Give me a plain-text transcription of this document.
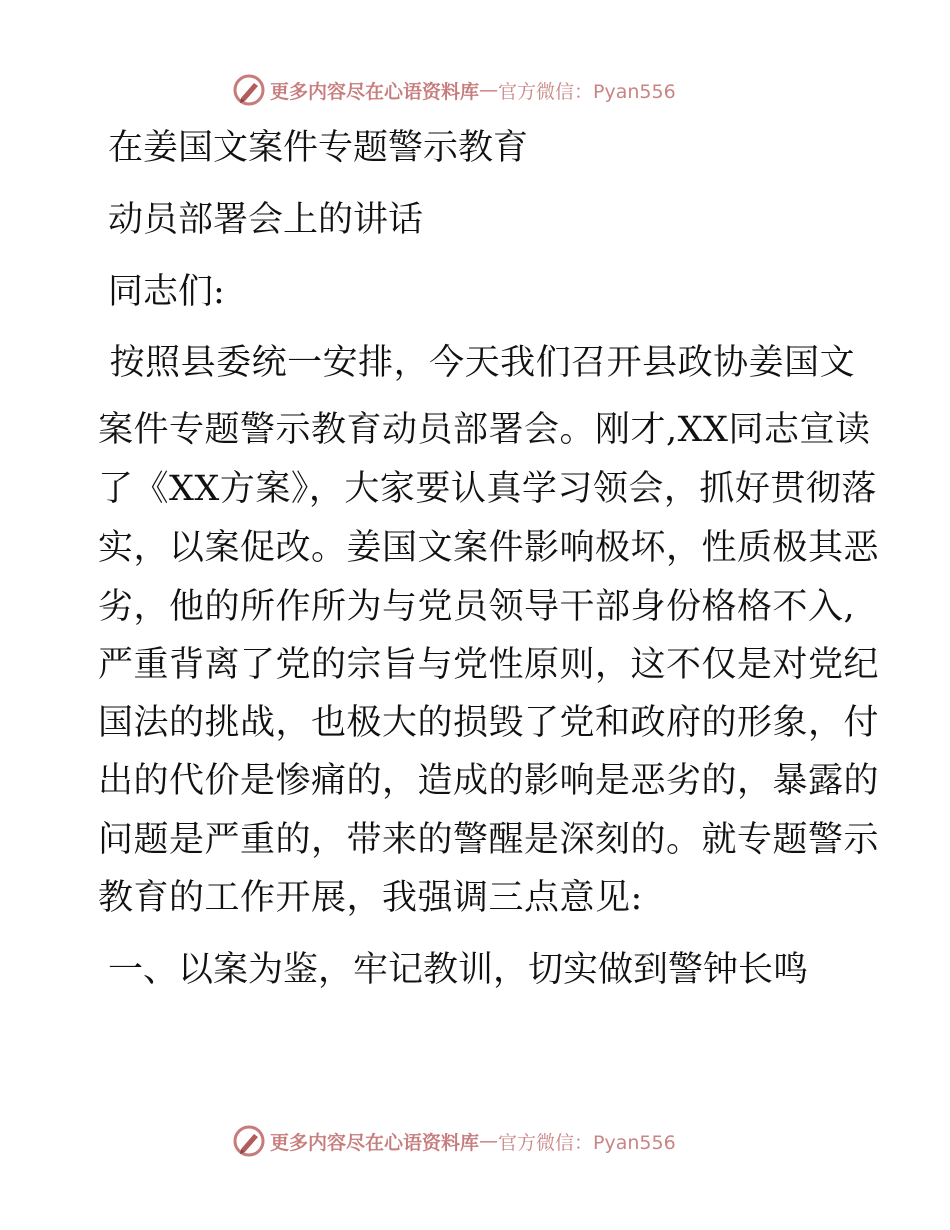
更多内容尽在心语资料库 — 官方微信：Pyan556
在姜国文案件专题警示教育
动员部署会上的讲话
同志们:
按照县委统一安排，今天我们召开县政协姜国文
案件专题警示教育动员部署会。刚才,XX同志宣读
了《XX方案》，大家要认真学习领会，抓好贯彻落
实，以案促改。姜国文案件影响极坏，性质极其恶
劣，他的所作所为与党员领导干部身份格格不入,
严重背离了党的宗旨与党性原则，这不仅是对党纪
国法的挑战，也极大的损毁了党和政府的形象，付
出的代价是惨痛的，造成的影响是恶劣的，暴露的
问题是严重的，带来的警醒是深刻的。就专题警示
教育的工作开展，我强调三点意见:
一、以案为鉴，牢记教训，切实做到警钟长鸣
更多内容尽在心语资料库 — 官方微信：Pyan556
